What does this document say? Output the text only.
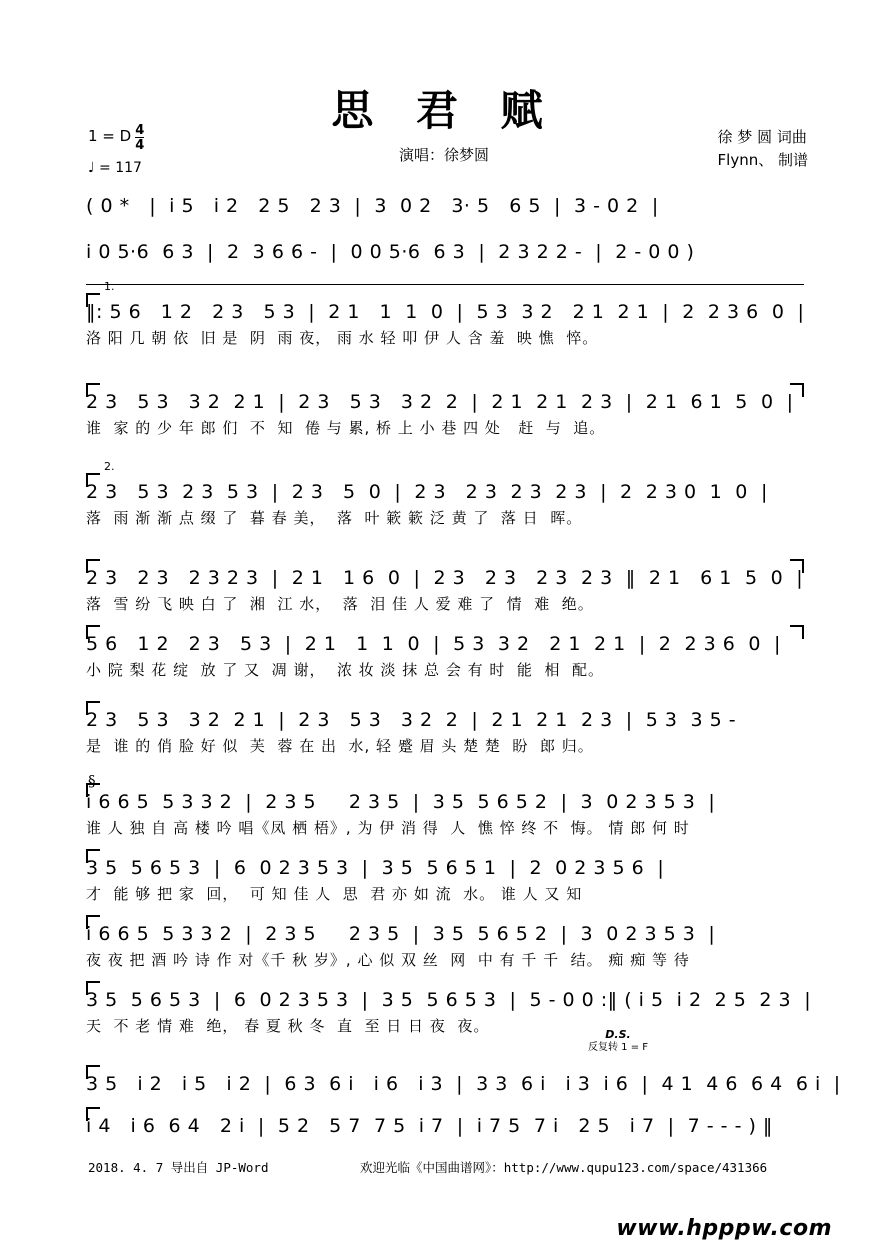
思 君 赋
演唱：徐梦圆
1 = D $\frac{4}{4}$
♩ = 117
徐 梦 圆 词曲
Flynn、 制谱
( 0 *   |  i 5   i 2   2 5   2 3  |  3  0 2   3· 5   6 5  |  3 - 0 2  |
i 0 5·6  6 3  |  2  3 6 6 -  |  0 0 5·6  6 3  |  2 3 2 2 -  |  2 - 0 0 )
1.
‖: 5 6   1 2   2 3   5 3  |  2 1   1  1  0  |  5 3  3 2   2 1  2 1  |  2  2 3 6  0  |
洛 阳 几 朝 依  旧 是  阴  雨 夜， 雨 水 轻 叩 伊 人 含 羞  映 憔  悴。
2 3   5 3   3 2  2 1  |  2 3   5 3   3 2  2  |  2 1  2 1  2 3  |  2 1  6 1  5  0  |
谁  家 的 少 年 郎 们  不  知  倦 与 累, 桥 上 小 巷 四 处   赶  与  追。
2.
2 3   5 3  2 3  5 3  |  2 3   5  0  |  2 3   2 3  2 3  2 3  |  2  2 3 0  1  0  |
落  雨 渐 渐 点 缀 了  暮 春 美，  落  叶 簌 簌 泛 黄 了  落 日  晖。
2 3   2 3   2 3 2 3  |  2 1   1 6  0  |  2 3   2 3   2 3  2 3  ‖  2 1   6 1  5  0  |
落  雪 纷 飞 映 白 了  湘  江 水，  落  泪 佳 人 爱 难 了  情  难  绝。
5 6   1 2   2 3   5 3  |  2 1   1  1  0  |  5 3  3 2   2 1  2 1  |  2  2 3 6  0  |
小 院 梨 花 绽  放 了 又  凋 谢，  浓 妆 淡 抹 总 会 有 时  能  相  配。
2 3   5 3   3 2  2 1  |  2 3   5 3   3 2  2  |  2 1  2 1  2 3  |  5 3  3 5 -
是  谁 的 俏 脸 好 似  芙  蓉 在 出  水, 轻 蹙 眉 头 楚 楚  盼  郎 归。
§
i 6 6 5  5 3 3 2  |  2 3 5     2 3 5  |  3 5  5 6 5 2  |  3  0 2 3 5 3  |
谁 人 独 自 高 楼 吟 唱《凤 栖 梧》, 为 伊 消 得  人  憔 悴 终 不  悔。 情 郎 何 时
3 5  5 6 5 3  |  6  0 2 3 5 3  |  3 5  5 6 5 1  |  2  0 2 3 5 6  |
才  能 够 把 家  回，  可 知 佳 人  思  君 亦 如 流  水。 谁 人 又 知
i 6 6 5  5 3 3 2  |  2 3 5     2 3 5  |  3 5  5 6 5 2  |  3  0 2 3 5 3  |
夜 夜 把 酒 吟 诗 作 对《千 秋 岁》, 心 似 双 丝  网  中 有 千 千  结。 痴 痴 等 待
3 5  5 6 5 3  |  6  0 2 3 5 3  |  3 5  5 6 5 3  |  5 - 0 0 :‖ ( i 5  i 2  2 5  2 3  |
天  不 老 情 难  绝， 春 夏 秋 冬  直  至 日 日 夜  夜。	D.S.
反复转 1 = F
3 5   i 2   i 5   i 2  |  6 3  6 i   i 6   i 3  |  3 3  6 i   i 3  i 6  |  4 1  4 6  6 4  6 i  |
i 4   i 6  6 4   2 i  |  5 2   5 7  7 5  i 7  |  i 7 5  7 i   2 5   i 7  |  7 - - - ) ‖
2018. 4. 7 导出自 JP-Word	欢迎光临《中国曲谱网》：http://www.qupu123.com/space/431366
www.hpppw.com
